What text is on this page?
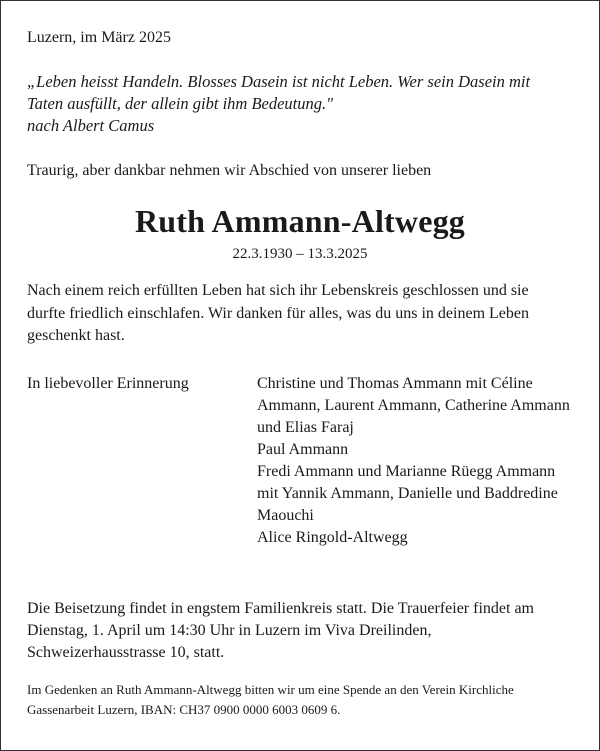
Luzern, im März 2025

„Leben heisst Handeln. Blosses Dasein ist nicht Leben. Wer sein Dasein mit

Taten ausfüllt, der allein gibt ihm Bedeutung."

nach Albert Camus

Traurig, aber dankbar nehmen wir Abschied von unserer lieben
Ruth Ammann-Altwegg
22.3.1930 – 13.3.2025
Nach einem reich erfüllten Leben hat sich ihr Lebenskreis geschlossen und sie durfte friedlich einschlafen. Wir danken für alles, was du uns in deinem Leben geschenkt hast.
In liebevoller Erinnerung	Christine und Thomas Ammann mit Céline Ammann, Laurent Ammann, Catherine Ammann und Elias Faraj
Paul Ammann
Fredi Ammann und Marianne Rüegg Ammann mit Yannik Ammann, Danielle und Baddredine Maouchi
Alice Ringold-Altwegg
Die Beisetzung findet in engstem Familienkreis statt. Die Trauerfeier findet am Dienstag, 1. April um 14:30 Uhr in Luzern im Viva Dreilinden, Schweizerhausstrasse 10, statt.
Im Gedenken an Ruth Ammann-Altwegg bitten wir um eine Spende an den Verein Kirchliche Gassenarbeit Luzern, IBAN: CH37 0900 0000 6003 0609 6.
